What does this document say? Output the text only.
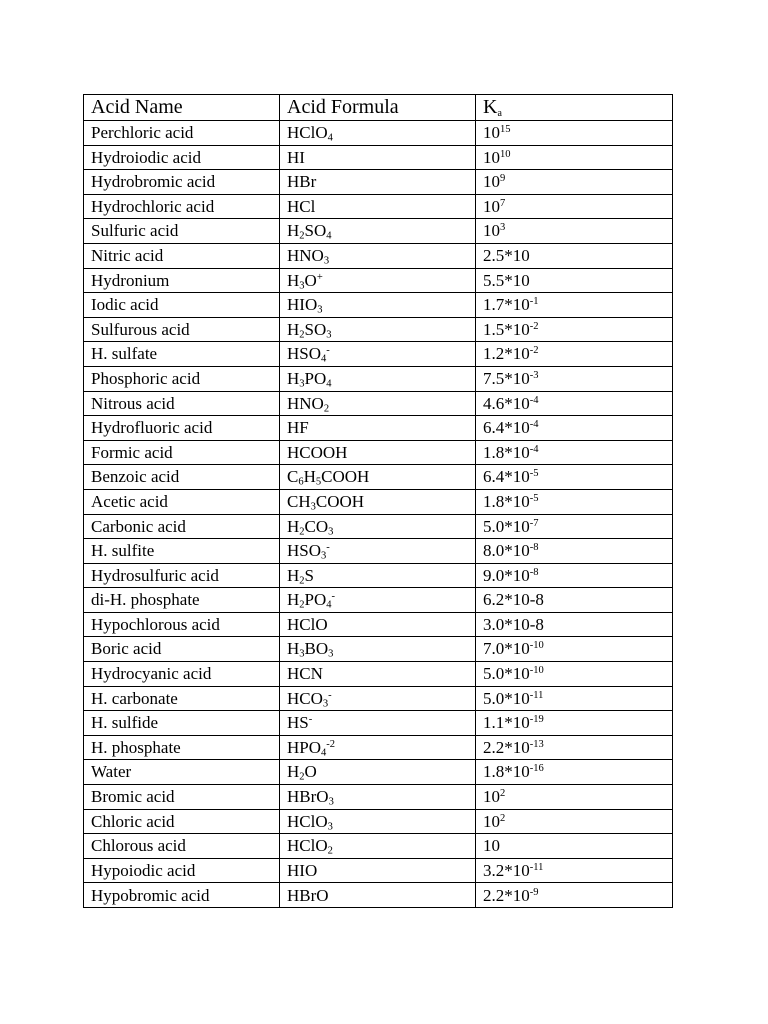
Acid Name	Acid Formula	Ka
Perchloric acid	HClO$_4$	$10^{15}$
Hydroiodic acid	HI	$10^{10}$
Hydrobromic acid	HBr	$10^9$
Hydrochloric acid	HCl	$10^7$
Sulfuric acid	$H_2SO_4$	$10^3$
Nitric acid	$HNO_3$	2.5*10
Hydronium	$H_3O^+$	5.5*10
Iodic acid	$HIO_3$	$1.7*10^{-1}$
Sulfurous acid	$H_2SO_3$	$1.5*10^{-2}$
H. sulfate	$HSO_4^-$	$1.2*10^{-2}$
Phosphoric acid	$H_3PO_4$	$7.5*10^{-3}$
Nitrous acid	$HNO_2$	$4.6*10^{-4}$
Hydrofluoric acid	HF	$6.4*10^{-4}$
Formic acid	HCOOH	$1.8*10^{-4}$
Benzoic acid	$C_6H_5COOH$	$6.4*10^{-5}$
Acetic acid	$CH_3COOH$	$1.8*10^{-5}$
Carbonic acid	$H_2CO_3$	$5.0*10^{-7}$
H. sulfite	$HSO_3^-$	$8.0*10^{-8}$
Hydrosulfuric acid	$H_2S$	$9.0*10^{-8}$
di-H. phosphate	$H_2PO_4^-$	6.2*10-8
Hypochlorous acid	HClO	3.0*10-8
Boric acid	$H_3BO_3$	$7.0*10^{-10}$
Hydrocyanic acid	HCN	$5.0*10^{-10}$
H. carbonate	$HCO_3^-$	$5.0*10^{-11}$
H. sulfide	HS-	$1.1*10^{-19}$
H. phosphate	$HPO_4^{-2}$	$2.2*10^{-13}$
Water	$H_2O$	$1.8*10^{-16}$
Bromic acid	HBrO$_3$	$10^2$
Chloric acid	HClO$_3$	$10^2$
Chlorous acid	HClO$_2$	10
Hypoiodic acid	HIO	$3.2*10^{-11}$
Hypobromic acid	HBrO	$2.2*10^{-9}$
